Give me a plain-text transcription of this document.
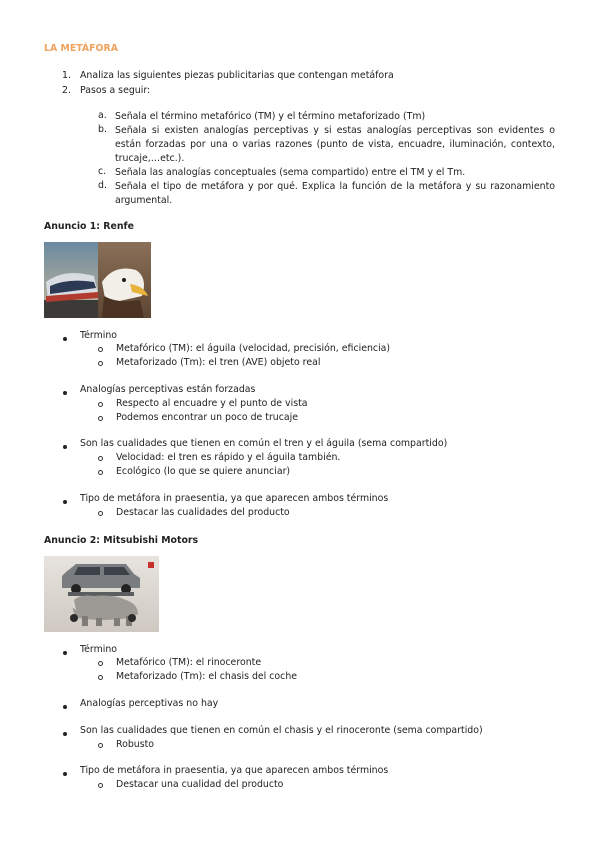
LA METÁFORA
1. Analiza las siguientes piezas publicitarias que contengan metáfora
2. Pasos a seguir:
a. Señala el término metafórico (TM) y el término metaforizado (Tm)
b. Señala si existen analogías perceptivas y si estas analogías perceptivas son evidentes o están forzadas por una o varias razones (punto de vista, encuadre, iluminación, contexto, trucaje,…etc.).
c. Señala las analogías conceptuales (sema compartido) entre el TM y el Tm.
d. Señala el tipo de metáfora y por qué. Explica la función de la metáfora y su razonamiento argumental.
Anuncio 1: Renfe
Término
Metafórico (TM): el águila (velocidad, precisión, eficiencia)
Metaforizado (Tm): el tren (AVE) objeto real
Analogías perceptivas están forzadas
Respecto al encuadre y el punto de vista
Podemos encontrar un poco de trucaje
Son las cualidades que tienen en común el tren y el águila (sema compartido)
Velocidad: el tren es rápido y el águila también.
Ecológico (lo que se quiere anunciar)
Tipo de metáfora in praesentia, ya que aparecen ambos términos
Destacar las cualidades del producto
Anuncio 2: Mitsubishi Motors
Término
Metafórico (TM): el rinoceronte
Metaforizado (Tm): el chasis del coche
Analogías perceptivas no hay
Son las cualidades que tienen en común el chasis y el rinoceronte (sema compartido)
Robusto
Tipo de metáfora in praesentia, ya que aparecen ambos términos
Destacar una cualidad del producto
